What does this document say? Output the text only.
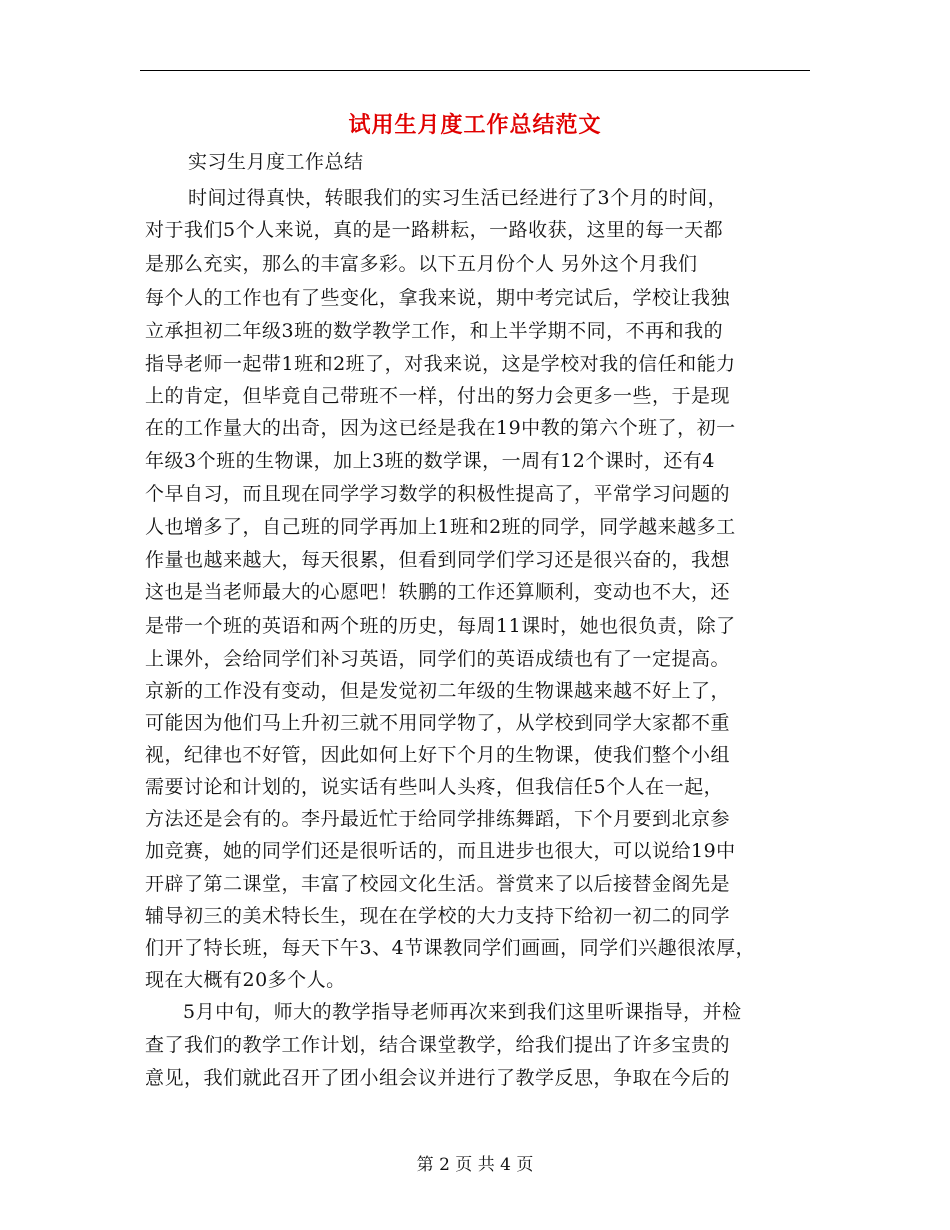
试用生月度工作总结范文
实习生月度工作总结
时间过得真快，转眼我们的实习生活已经进行了3个月的时间，
对于我们5个人来说，真的是一路耕耘，一路收获，这里的每一天都
是那么充实，那么的丰富多彩。以下五月份个人 另外这个月我们
每个人的工作也有了些变化，拿我来说，期中考完试后，学校让我独
立承担初二年级3班的数学教学工作，和上半学期不同，不再和我的
指导老师一起带1班和2班了，对我来说，这是学校对我的信任和能力
上的肯定，但毕竟自己带班不一样，付出的努力会更多一些，于是现
在的工作量大的出奇，因为这已经是我在19中教的第六个班了，初一
年级3个班的生物课，加上3班的数学课，一周有12个课时，还有4
个早自习，而且现在同学学习数学的积极性提高了，平常学习问题的
人也增多了，自己班的同学再加上1班和2班的同学，同学越来越多工
作量也越来越大，每天很累，但看到同学们学习还是很兴奋的，我想
这也是当老师最大的心愿吧！轶鹏的工作还算顺利，变动也不大，还
是带一个班的英语和两个班的历史，每周11课时，她也很负责，除了
上课外，会给同学们补习英语，同学们的英语成绩也有了一定提高。
京新的工作没有变动，但是发觉初二年级的生物课越来越不好上了，
可能因为他们马上升初三就不用同学物了，从学校到同学大家都不重
视，纪律也不好管，因此如何上好下个月的生物课，使我们整个小组
需要讨论和计划的，说实话有些叫人头疼，但我信任5个人在一起，
方法还是会有的。李丹最近忙于给同学排练舞蹈，下个月要到北京参
加竞赛，她的同学们还是很听话的，而且进步也很大，可以说给19中
开辟了第二课堂，丰富了校园文化生活。誉赏来了以后接替金阁先是
辅导初三的美术特长生，现在在学校的大力支持下给初一初二的同学
们开了特长班，每天下午3、4节课教同学们画画，同学们兴趣很浓厚，
现在大概有20多个人。
5月中旬，师大的教学指导老师再次来到我们这里听课指导，并检
查了我们的教学工作计划，结合课堂教学，给我们提出了许多宝贵的
意见，我们就此召开了团小组会议并进行了教学反思，争取在今后的
第 2 页 共 4 页
